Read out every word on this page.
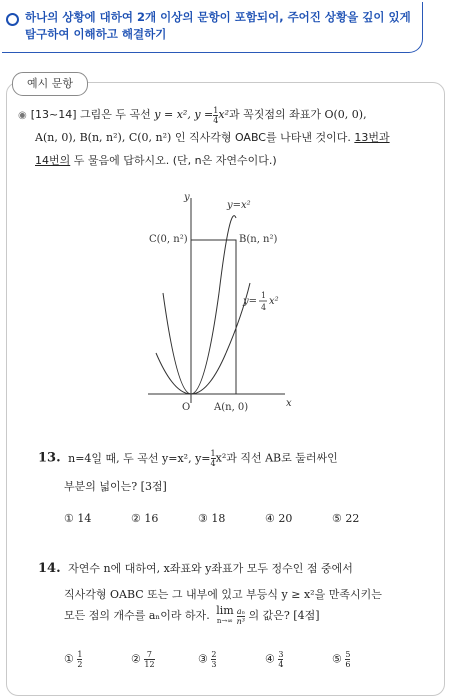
하나의 상황에 대하여 2개 이상의 문항이 포함되어, 주어진 상황을 깊이 있게
탐구하여 이해하고 해결하기
예시 문항
◉ [13~14] 그림은 두 곡선 y = x², $y = \frac{1}{4} x^2$과 꼭짓점의 좌표가 O(0, 0),
A(n, 0), B(n, n²), C(0, n²) 인 직사각형 OABC를 나타낸 것이다. 13번과
14번의 두 물음에 답하시오. (단, n은 자연수이다.)
y
x
O A(n, 0)
B(n, n²)
C(0, n²)
y=x²
y=
1
4
x²
13. n=4일 때, 두 곡선 y=x², $y= \frac{1}{4} x^2$과 직선 AB로 둘러싸인
부분의 넓이는? [3점]
① 14	② 16	③ 18	④ 20	⑤ 22
14. 자연수 n에 대하여, x좌표와 y좌표가 모두 정수인 점 중에서
직사각형 OABC 또는 그 내부에 있고 부등식 y ≥ x²을 만족시키는
모든 점의 개수를 aₙ이라 하자. lim
$n\to\infty \frac{\text{aₙ}}{\text{n³}}$ 의 값은? [4점]
① $\frac{1}{2}$	② $\frac{7}{12}$	③ $\frac{2}{3}$	④ $\frac{3}{4}$	⑤ $\frac{5}{6}$
